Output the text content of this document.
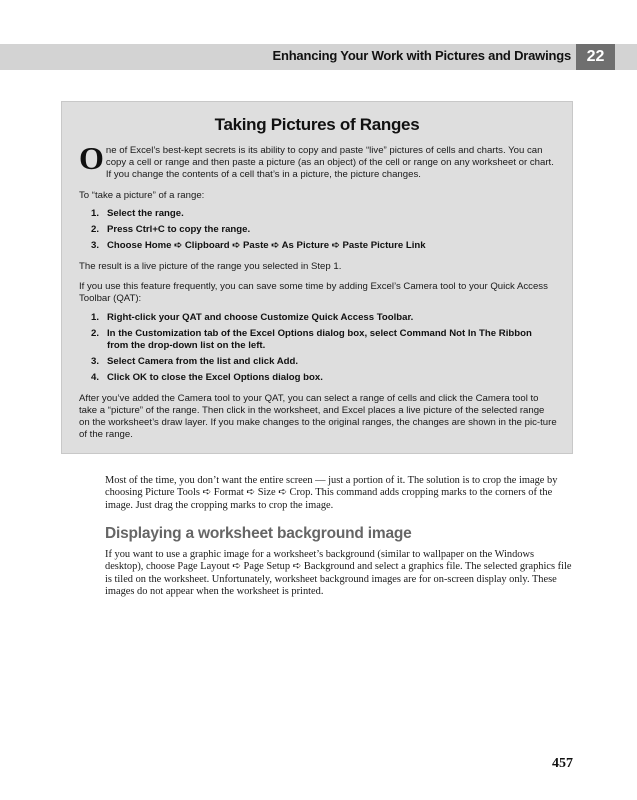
Enhancing Your Work with Pictures and Drawings 22
Taking Pictures of Ranges
One of Excel’s best-kept secrets is its ability to copy and paste “live” pictures of cells and charts. You can copy a cell or range and then paste a picture (as an object) of the cell or range on any worksheet or chart. If you change the contents of a cell that’s in a picture, the picture changes.
To “take a picture” of a range:
1. Select the range.
2. Press Ctrl+C to copy the range.
3. Choose Home ➪ Clipboard ➪ Paste ➪ As Picture ➪ Paste Picture Link
The result is a live picture of the range you selected in Step 1.
If you use this feature frequently, you can save some time by adding Excel’s Camera tool to your Quick Access Toolbar (QAT):
1. Right-click your QAT and choose Customize Quick Access Toolbar.
2. In the Customization tab of the Excel Options dialog box, select Command Not In The Ribbon from the drop-down list on the left.
3. Select Camera from the list and click Add.
4. Click OK to close the Excel Options dialog box.
After you’ve added the Camera tool to your QAT, you can select a range of cells and click the Camera tool to take a “picture” of the range. Then click in the worksheet, and Excel places a live picture of the selected range on the worksheet’s draw layer. If you make changes to the original ranges, the changes are shown in the pic-ture of the range.
Most of the time, you don’t want the entire screen — just a portion of it. The solution is to crop the image by choosing Picture Tools ➪ Format ➪ Size ➪ Crop. This command adds cropping marks to the corners of the image. Just drag the cropping marks to crop the image.
Displaying a worksheet background image
If you want to use a graphic image for a worksheet’s background (similar to wallpaper on the Windows desktop), choose Page Layout ➪ Page Setup ➪ Background and select a graphics file. The selected graphics file is tiled on the worksheet. Unfortunately, worksheet background images are for on-screen display only. These images do not appear when the worksheet is printed.
457
